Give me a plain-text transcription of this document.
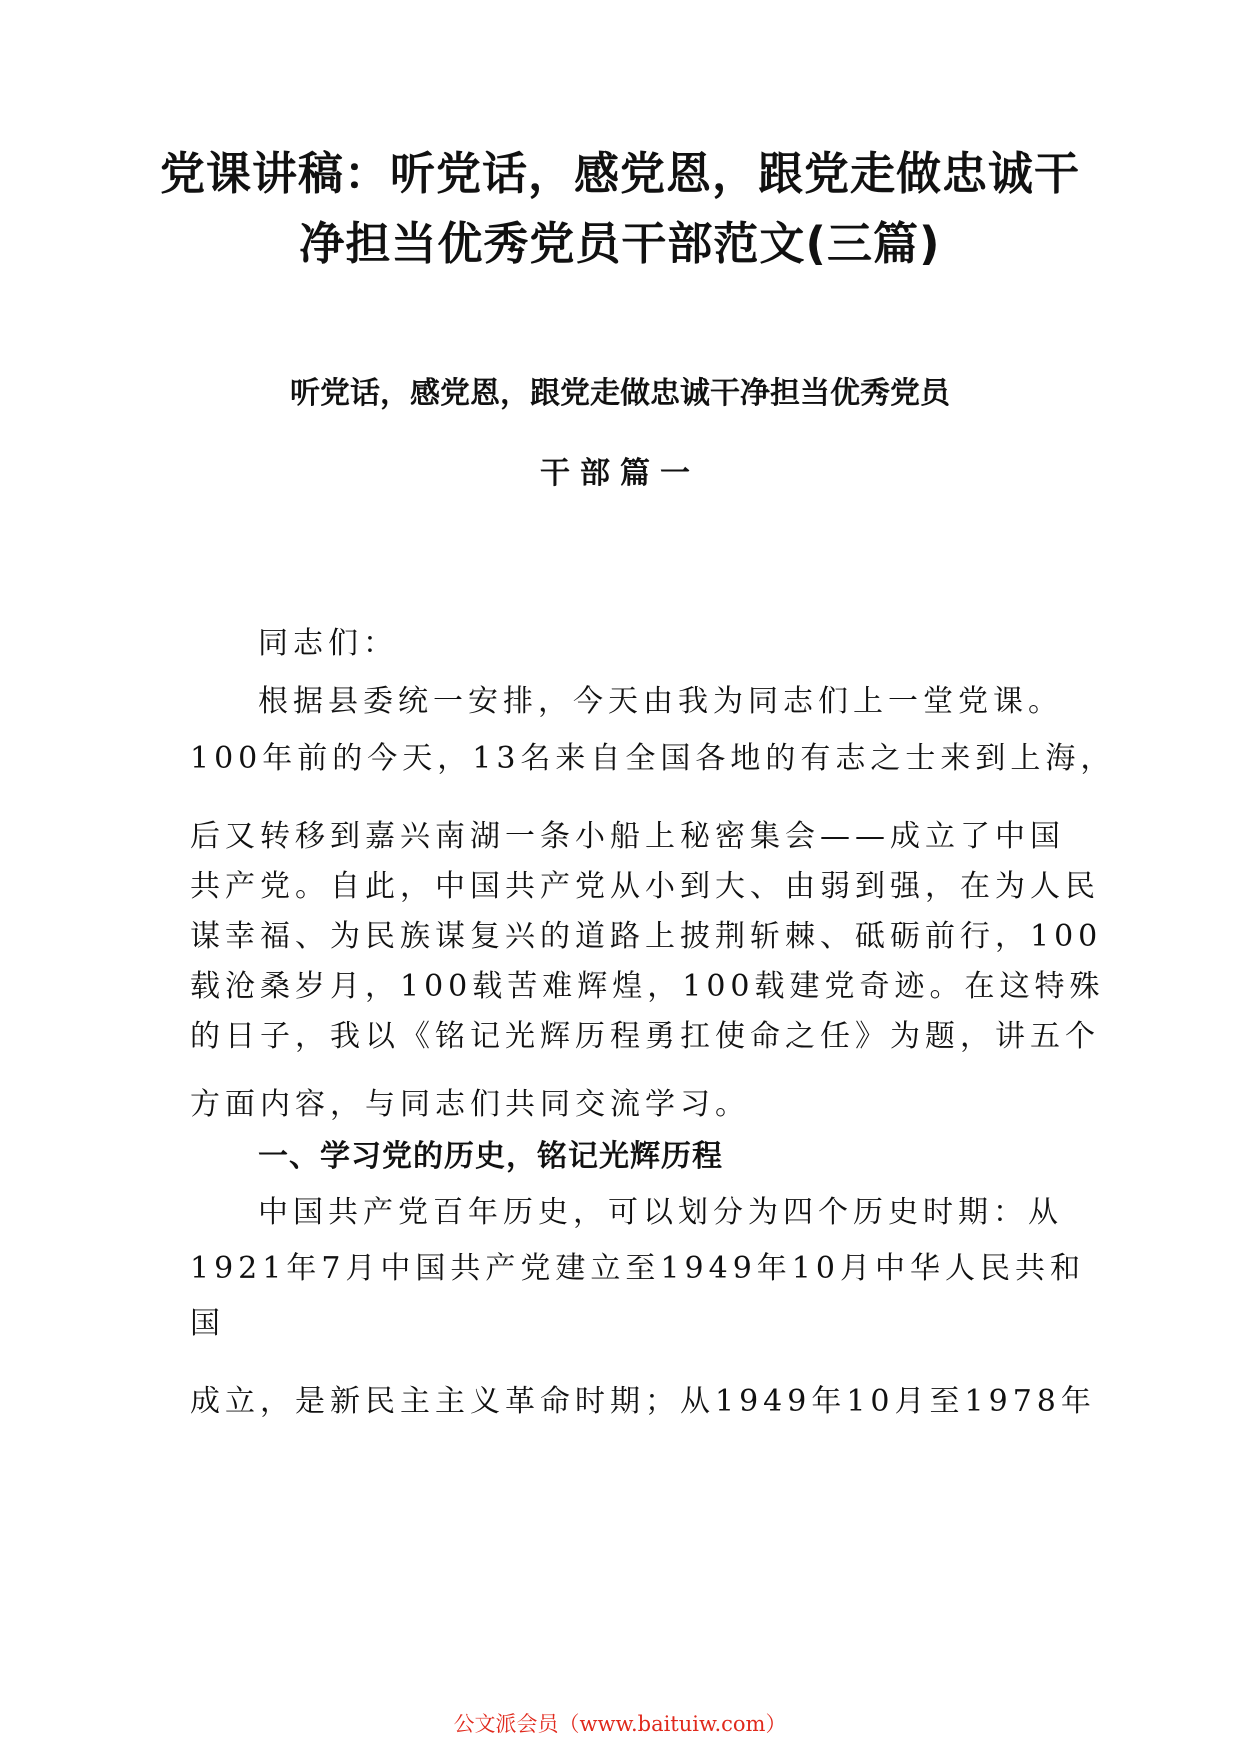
党课讲稿：听党话，感党恩，跟党走做忠诚干
净担当优秀党员干部范文(三篇)
听党话，感党恩，跟党走做忠诚干净担当优秀党员
干部篇一
同志们：
根据县委统一安排，今天由我为同志们上一堂党课。
100年前的今天，13名来自全国各地的有志之士来到上海，
后又转移到嘉兴南湖一条小船上秘密集会——成立了中国
共产党。自此，中国共产党从小到大、由弱到强，在为人民
谋幸福、为民族谋复兴的道路上披荆斩棘、砥砺前行，100
载沧桑岁月，100载苦难辉煌，100载建党奇迹。在这特殊
的日子，我以《铭记光辉历程勇扛使命之任》为题，讲五个
方面内容，与同志们共同交流学习。
一、学习党的历史，铭记光辉历程
中国共产党百年历史，可以划分为四个历史时期：从
1921年7月中国共产党建立至1949年10月中华人民共和
国
成立，是新民主主义革命时期；从1949年10月至1978年
公文派会员（www.baituiw.com）
